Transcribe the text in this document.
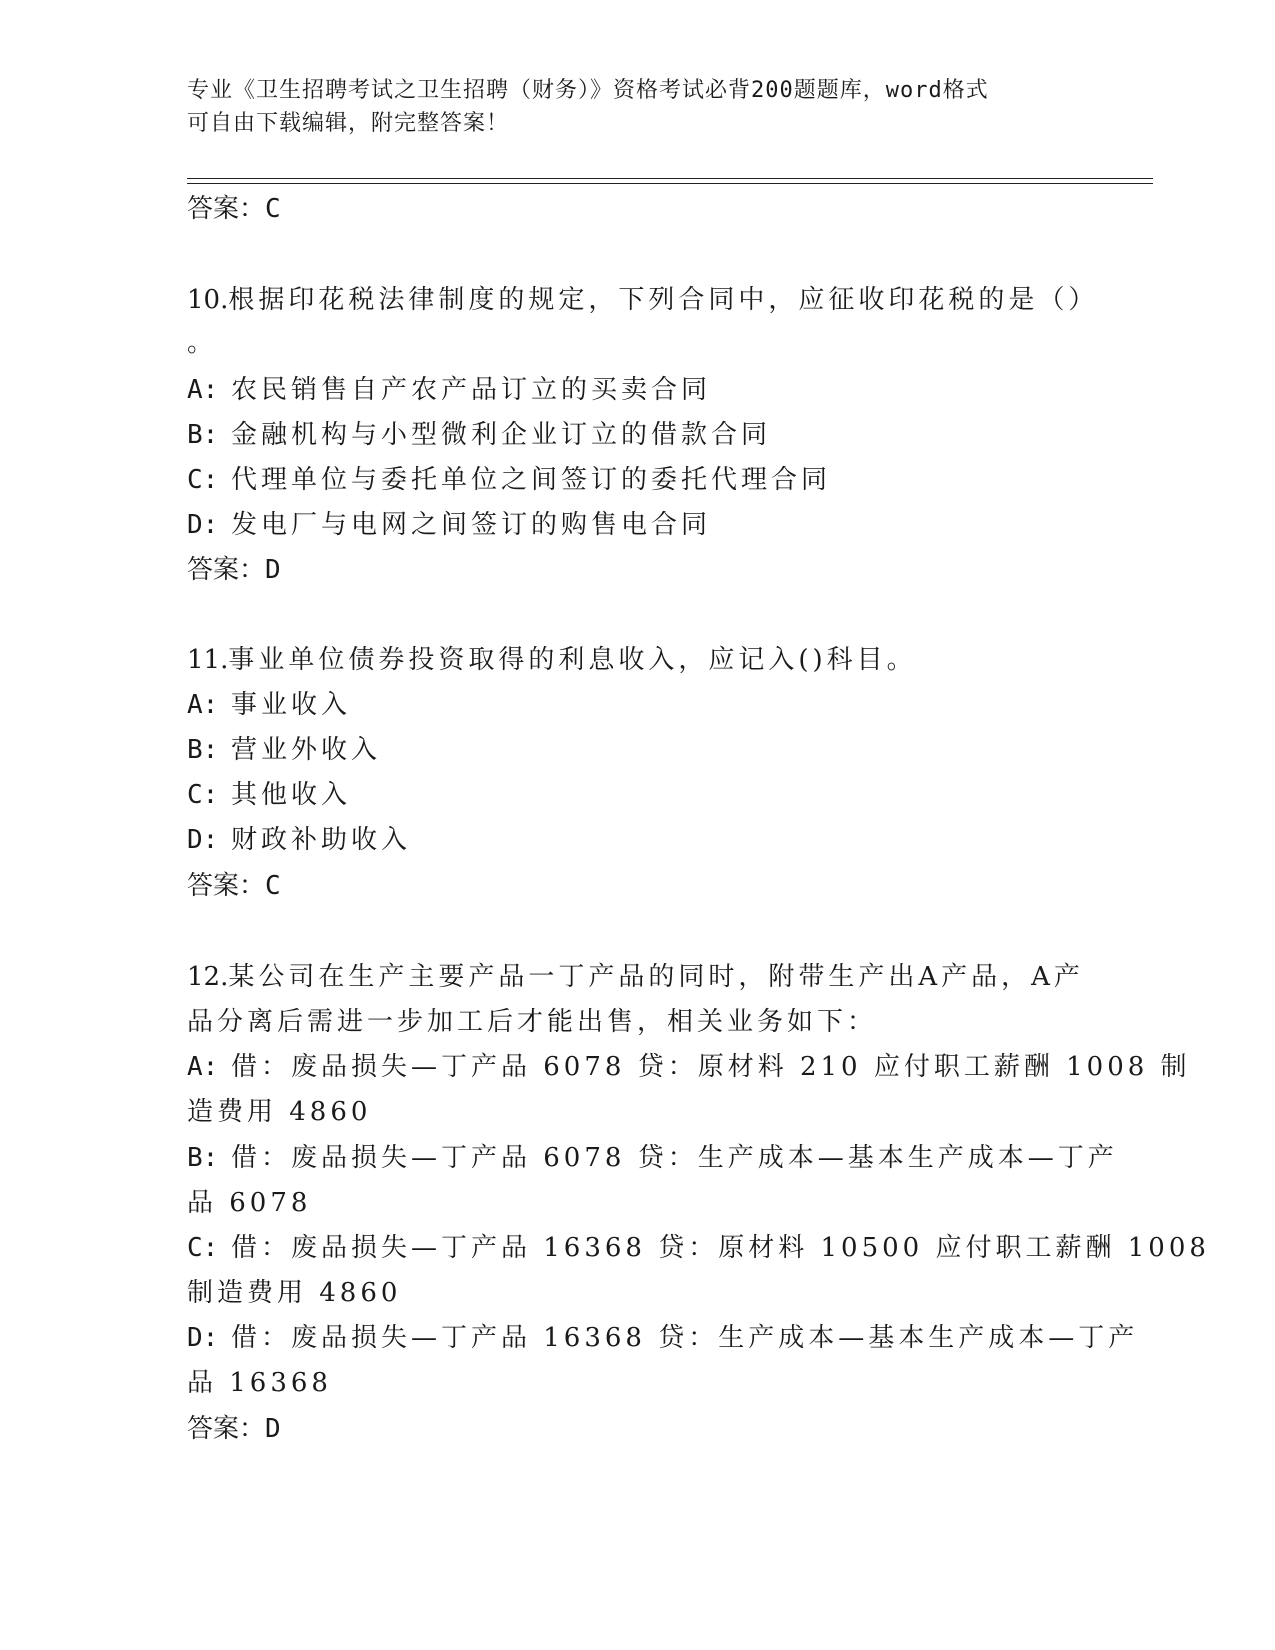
专业《卫生招聘考试之卫生招聘（财务）》资格考试必背200题题库，word格式
可自由下载编辑，附完整答案！
答案：C
10.根据印花税法律制度的规定，下列合同中，应征收印花税的是（）
。
A: 农民销售自产农产品订立的买卖合同
B: 金融机构与小型微利企业订立的借款合同
C: 代理单位与委托单位之间签订的委托代理合同
D: 发电厂与电网之间签订的购售电合同
答案：D
11.事业单位债券投资取得的利息收入，应记入()科目。
A: 事业收入
B: 营业外收入
C: 其他收入
D: 财政补助收入
答案：C
12.某公司在生产主要产品一丁产品的同时，附带生产出A产品，A产
品分离后需进一步加工后才能出售，相关业务如下：
A: 借：废品损失—丁产品 6078 贷：原材料 210 应付职工薪酬 1008 制
造费用 4860
B: 借：废品损失—丁产品 6078 贷：生产成本—基本生产成本—丁产
品 6078
C: 借：废品损失—丁产品 16368 贷：原材料 10500 应付职工薪酬 1008
制造费用 4860
D: 借：废品损失—丁产品 16368 贷：生产成本—基本生产成本—丁产
品 16368
答案：D
